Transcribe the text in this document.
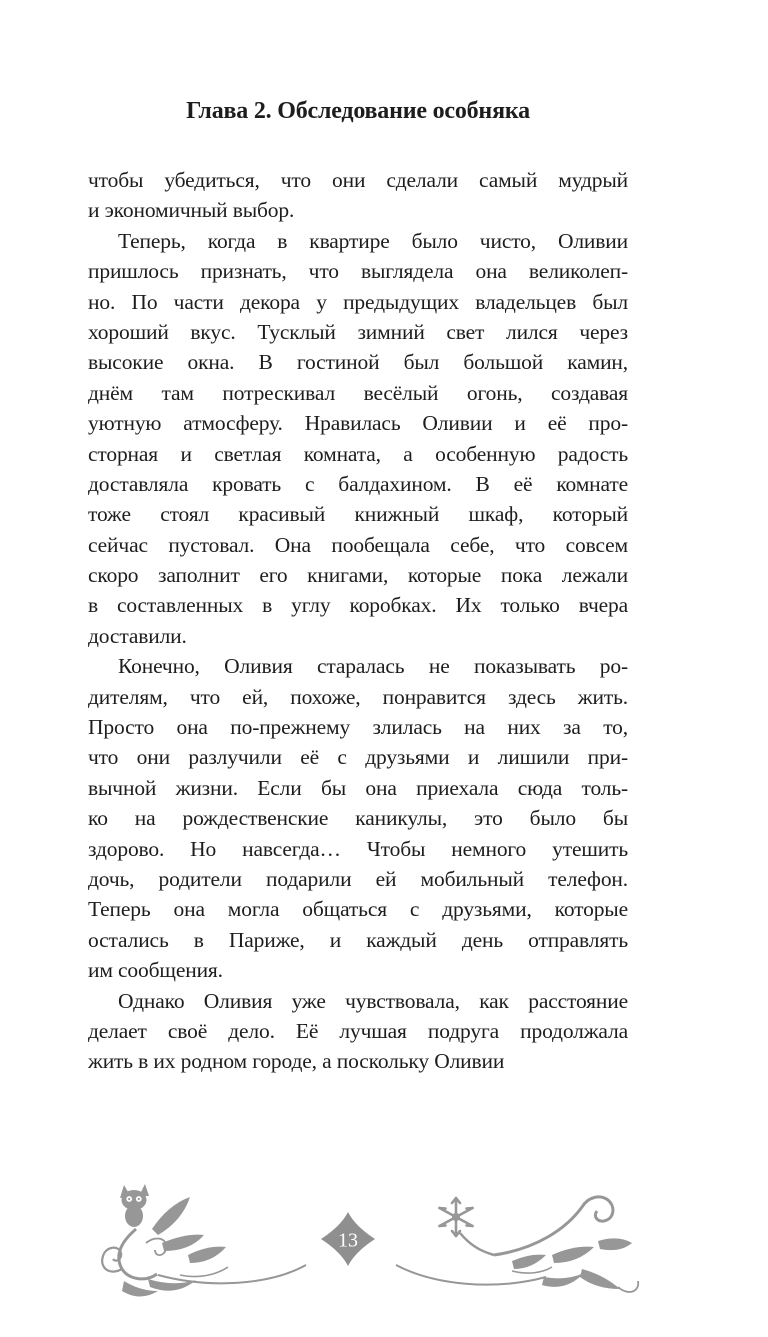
Глава 2. Обследование особняка
чтобы убедиться, что они сделали самый мудрый
и экономичный выбор.
Теперь, когда в квартире было чисто, Оливии
пришлось признать, что выглядела она великолеп-
но. По части декора у предыдущих владельцев был
хороший вкус. Тусклый зимний свет лился через
высокие окна. В гостиной был большой камин,
днём там потрескивал весёлый огонь, создавая
уютную атмосферу. Нравилась Оливии и её про-
сторная и светлая комната, а особенную радость
доставляла кровать с балдахином. В её комнате
тоже стоял красивый книжный шкаф, который
сейчас пустовал. Она пообещала себе, что совсем
скоро заполнит его книгами, которые пока лежали
в составленных в углу коробках. Их только вчера
доставили.
Конечно, Оливия старалась не показывать ро-
дителям, что ей, похоже, понравится здесь жить.
Просто она по-прежнему злилась на них за то,
что они разлучили её с друзьями и лишили при-
вычной жизни. Если бы она приехала сюда толь-
ко на рождественские каникулы, это было бы
здорово. Но навсегда… Чтобы немного утешить
дочь, родители подарили ей мобильный телефон.
Теперь она могла общаться с друзьями, которые
остались в Париже, и каждый день отправлять
им сообщения.
Однако Оливия уже чувствовала, как расстояние
делает своё дело. Её лучшая подруга продолжала
жить в их родном городе, а поскольку Оливии
13
